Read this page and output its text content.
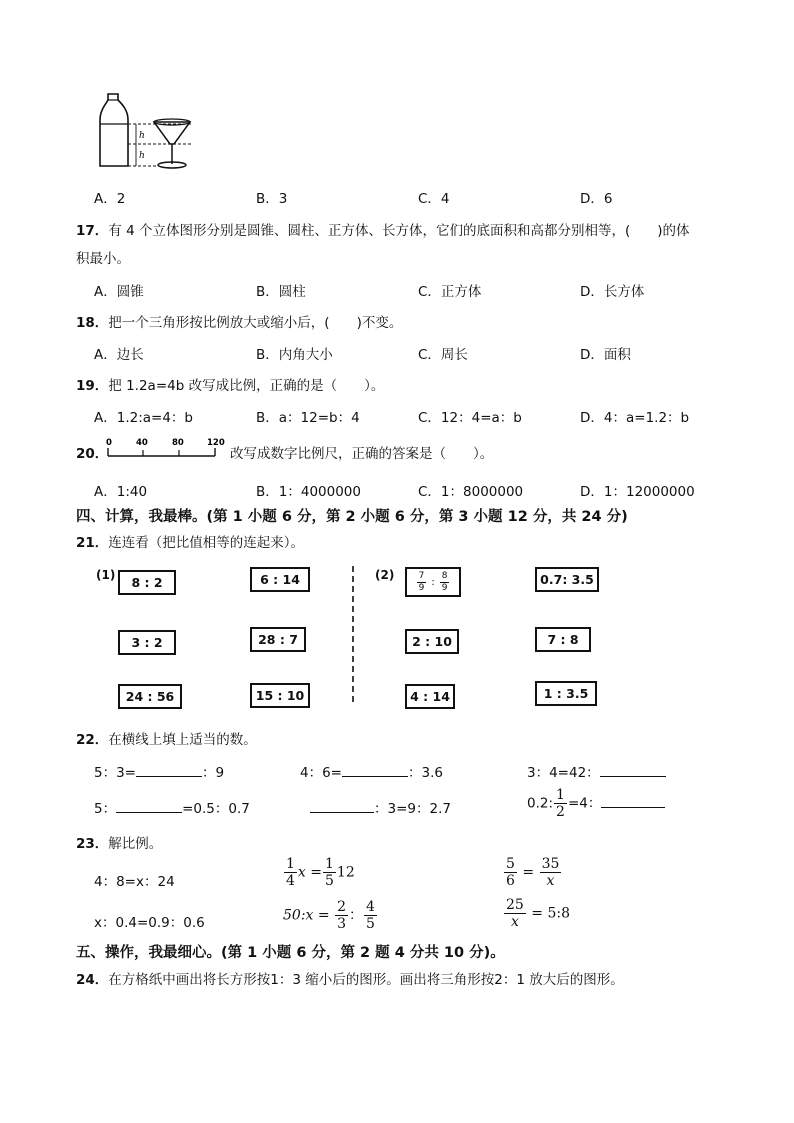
h
h
A．2	B．3	C．4	D．6
17．有 4 个立体图形分别是圆锥、圆柱、正方体、长方体，它们的底面积和高都分别相等，(　　)的体
积最小。
A．圆锥	B．圆柱	C．正方体	D．长方体
18．把一个三角形按比例放大或缩小后，(　　)不变。
A．边长	B．内角大小	C．周长	D．面积
19．把 1.2a=4b 改写成比例，正确的是（　　）。
A．1.2:a=4：b	B．a：12=b：4	C．12：4=a：b	D．4：a=1.2：b
20．
0	40	80	120
改写成数字比例尺，正确的答案是（　　）。
A．1:40	B．1：4000000	C．1：8000000	D．1：12000000
四、计算，我最棒。(第 1 小题 6 分，第 2 小题 6 分，第 3 小题 12 分，共 24 分)
21．连连看（把比值相等的连起来）。
(1)	(2)
8 : 2
3 : 2
24 : 56
6 : 14
28 : 7
15 : 10
$\frac{7}{9}$ : $\frac{8}{9}$
2 : 10
4 : 14
0.7: 3.5
7 : 8
1 : 3.5
22．在横线上填上适当的数。
5：3=	：9	4：6=	：3.6	3：4=42：
5：	=0.5：0.7	：3=9：2.7	0.2: $\frac{1}{2} =4$：
23．解比例。
4：8=x：24	$\frac{1}{4}$ $x = \frac{1}{5} 12$	$\frac{5}{6} = \frac{35}{x}$
x：0.4=0.9：0.6	50:x = $\frac{2}{3}$ ： $\frac{4}{5}$	$\frac{25}{x}$ = 5:8
五、操作，我最细心。(第 1 小题 6 分，第 2 题 4 分共 10 分)。
24．在方格纸中画出将长方形按1：3 缩小后的图形。画出将三角形按2：1 放大后的图形。
